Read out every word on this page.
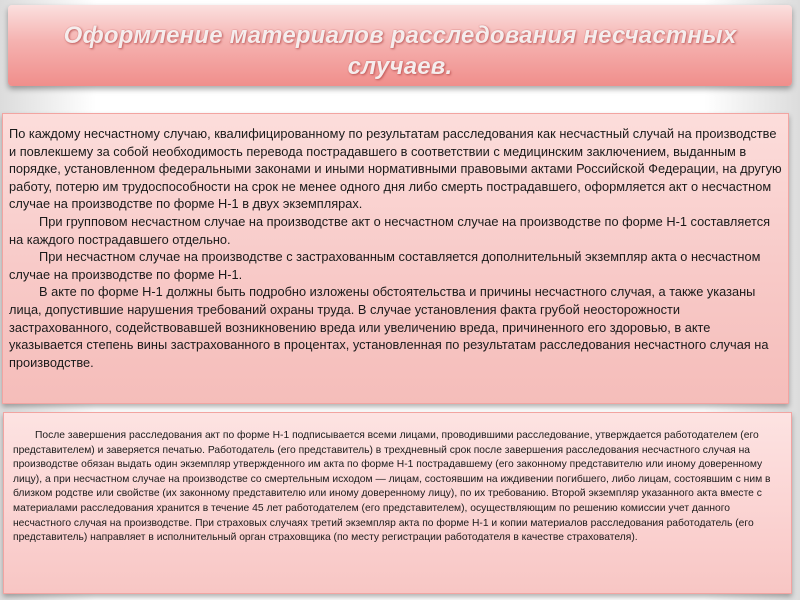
Оформление материалов расследования несчастных случаев.

По каждому несчастному случаю, квалифицированному по результатам расследования как несчастный случай на производстве и повлекшему за собой необходимость перевода пострадавшего в соответствии с медицинским заключением, выданным в порядке, установленном федеральными законами и иными нормативными правовыми актами Российской Федерации, на другую работу, потерю им трудоспособности на срок не менее одного дня либо смерть пострадавшего, оформляется акт о несчастном случае на производстве по форме Н-1 в двух экземплярах.

При групповом несчастном случае на производстве акт о несчастном случае на производстве по форме Н-1 составляется на каждого пострадавшего отдельно.

При несчастном случае на производстве с застрахованным составляется дополнительный экземпляр акта о несчастном случае на производстве по форме Н-1.

В акте по форме Н-1 должны быть подробно изложены обстоятельства и причины несчастного случая, а также указаны лица, допустившие нарушения требований охраны труда. В случае установления факта грубой неосторожности застрахованного, содействовавшей возникновению вреда или увеличению вреда, причиненного его здоровью, в акте указывается степень вины застрахованного в процентах, установленная по результатам расследования несчастного случая на производстве.

После завершения расследования акт по форме Н-1 подписывается всеми лицами, проводившими расследование, утверждается работодателем (его представителем) и заверяется печатью. Работодатель (его представитель) в трехдневный срок после завершения расследования несчастного случая на производстве обязан выдать один экземпляр утвержденного им акта по форме Н-1 пострадавшему (его законному представителю или иному доверенному лицу), а при несчастном случае на производстве со смертельным исходом — лицам, состоявшим на иждивении погибшего, либо лицам, состоявшим с ним в близком родстве или свойстве (их законному представителю или иному доверенному лицу), по их требованию. Второй экземпляр указанного акта вместе с материалами расследования хранится в течение 45 лет работодателем (его представителем), осуществляющим по решению комиссии учет данного несчастного случая на производстве. При страховых случаях третий экземпляр акта по форме Н-1 и копии материалов расследования работодатель (его представитель) направляет в исполнительный орган страховщика (по месту регистрации работодателя в качестве страхователя).
